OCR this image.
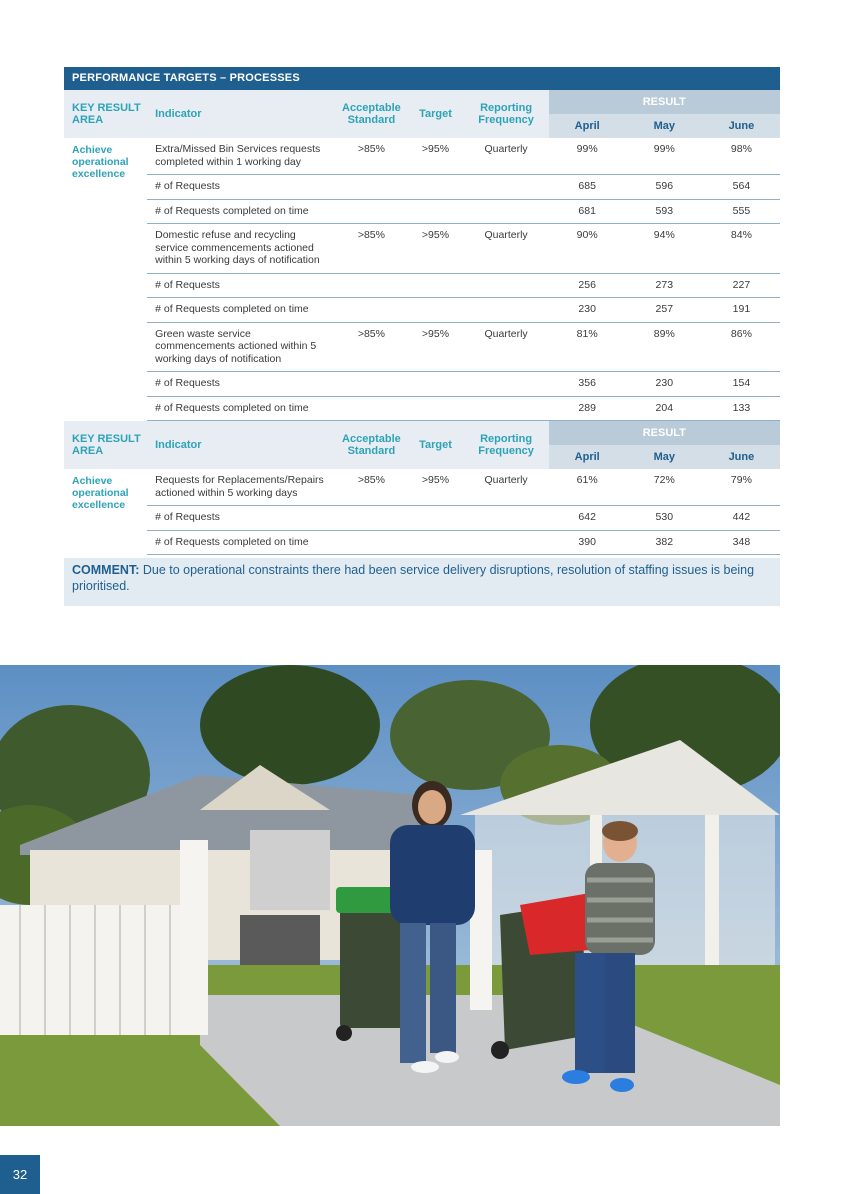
PERFORMANCE TARGETS – PROCESSES
KEY RESULT AREA	Indicator	Acceptable Standard	Target	Reporting Frequency	RESULT		
					April	May	June
Achieve operational excellence	Extra/Missed Bin Services requests completed within 1 working day	>85%	>95%	Quarterly	99%	99%	98%
	# of Requests				685	596	564
	# of Requests completed on time				681	593	555
	Domestic refuse and recycling service commencements actioned within 5 working days of notification	>85%	>95%	Quarterly	90%	94%	84%
	# of Requests				256	273	227
	# of Requests completed on time				230	257	191
	Green waste service commencements actioned within 5 working days of notification	>85%	>95%	Quarterly	81%	89%	86%
	# of Requests				356	230	154
	# of Requests completed on time				289	204	133
KEY RESULT AREA	Indicator	Acceptable Standard	Target	Reporting Frequency	RESULT		
					April	May	June
Achieve operational excellence	Requests for Replacements/Repairs actioned within 5 working days	>85%	>95%	Quarterly	61%	72%	79%
	# of Requests				642	530	442
	# of Requests completed on time				390	382	348
COMMENT: Due to operational constraints there had been service delivery disruptions, resolution of staffing issues is being prioritised.
32
